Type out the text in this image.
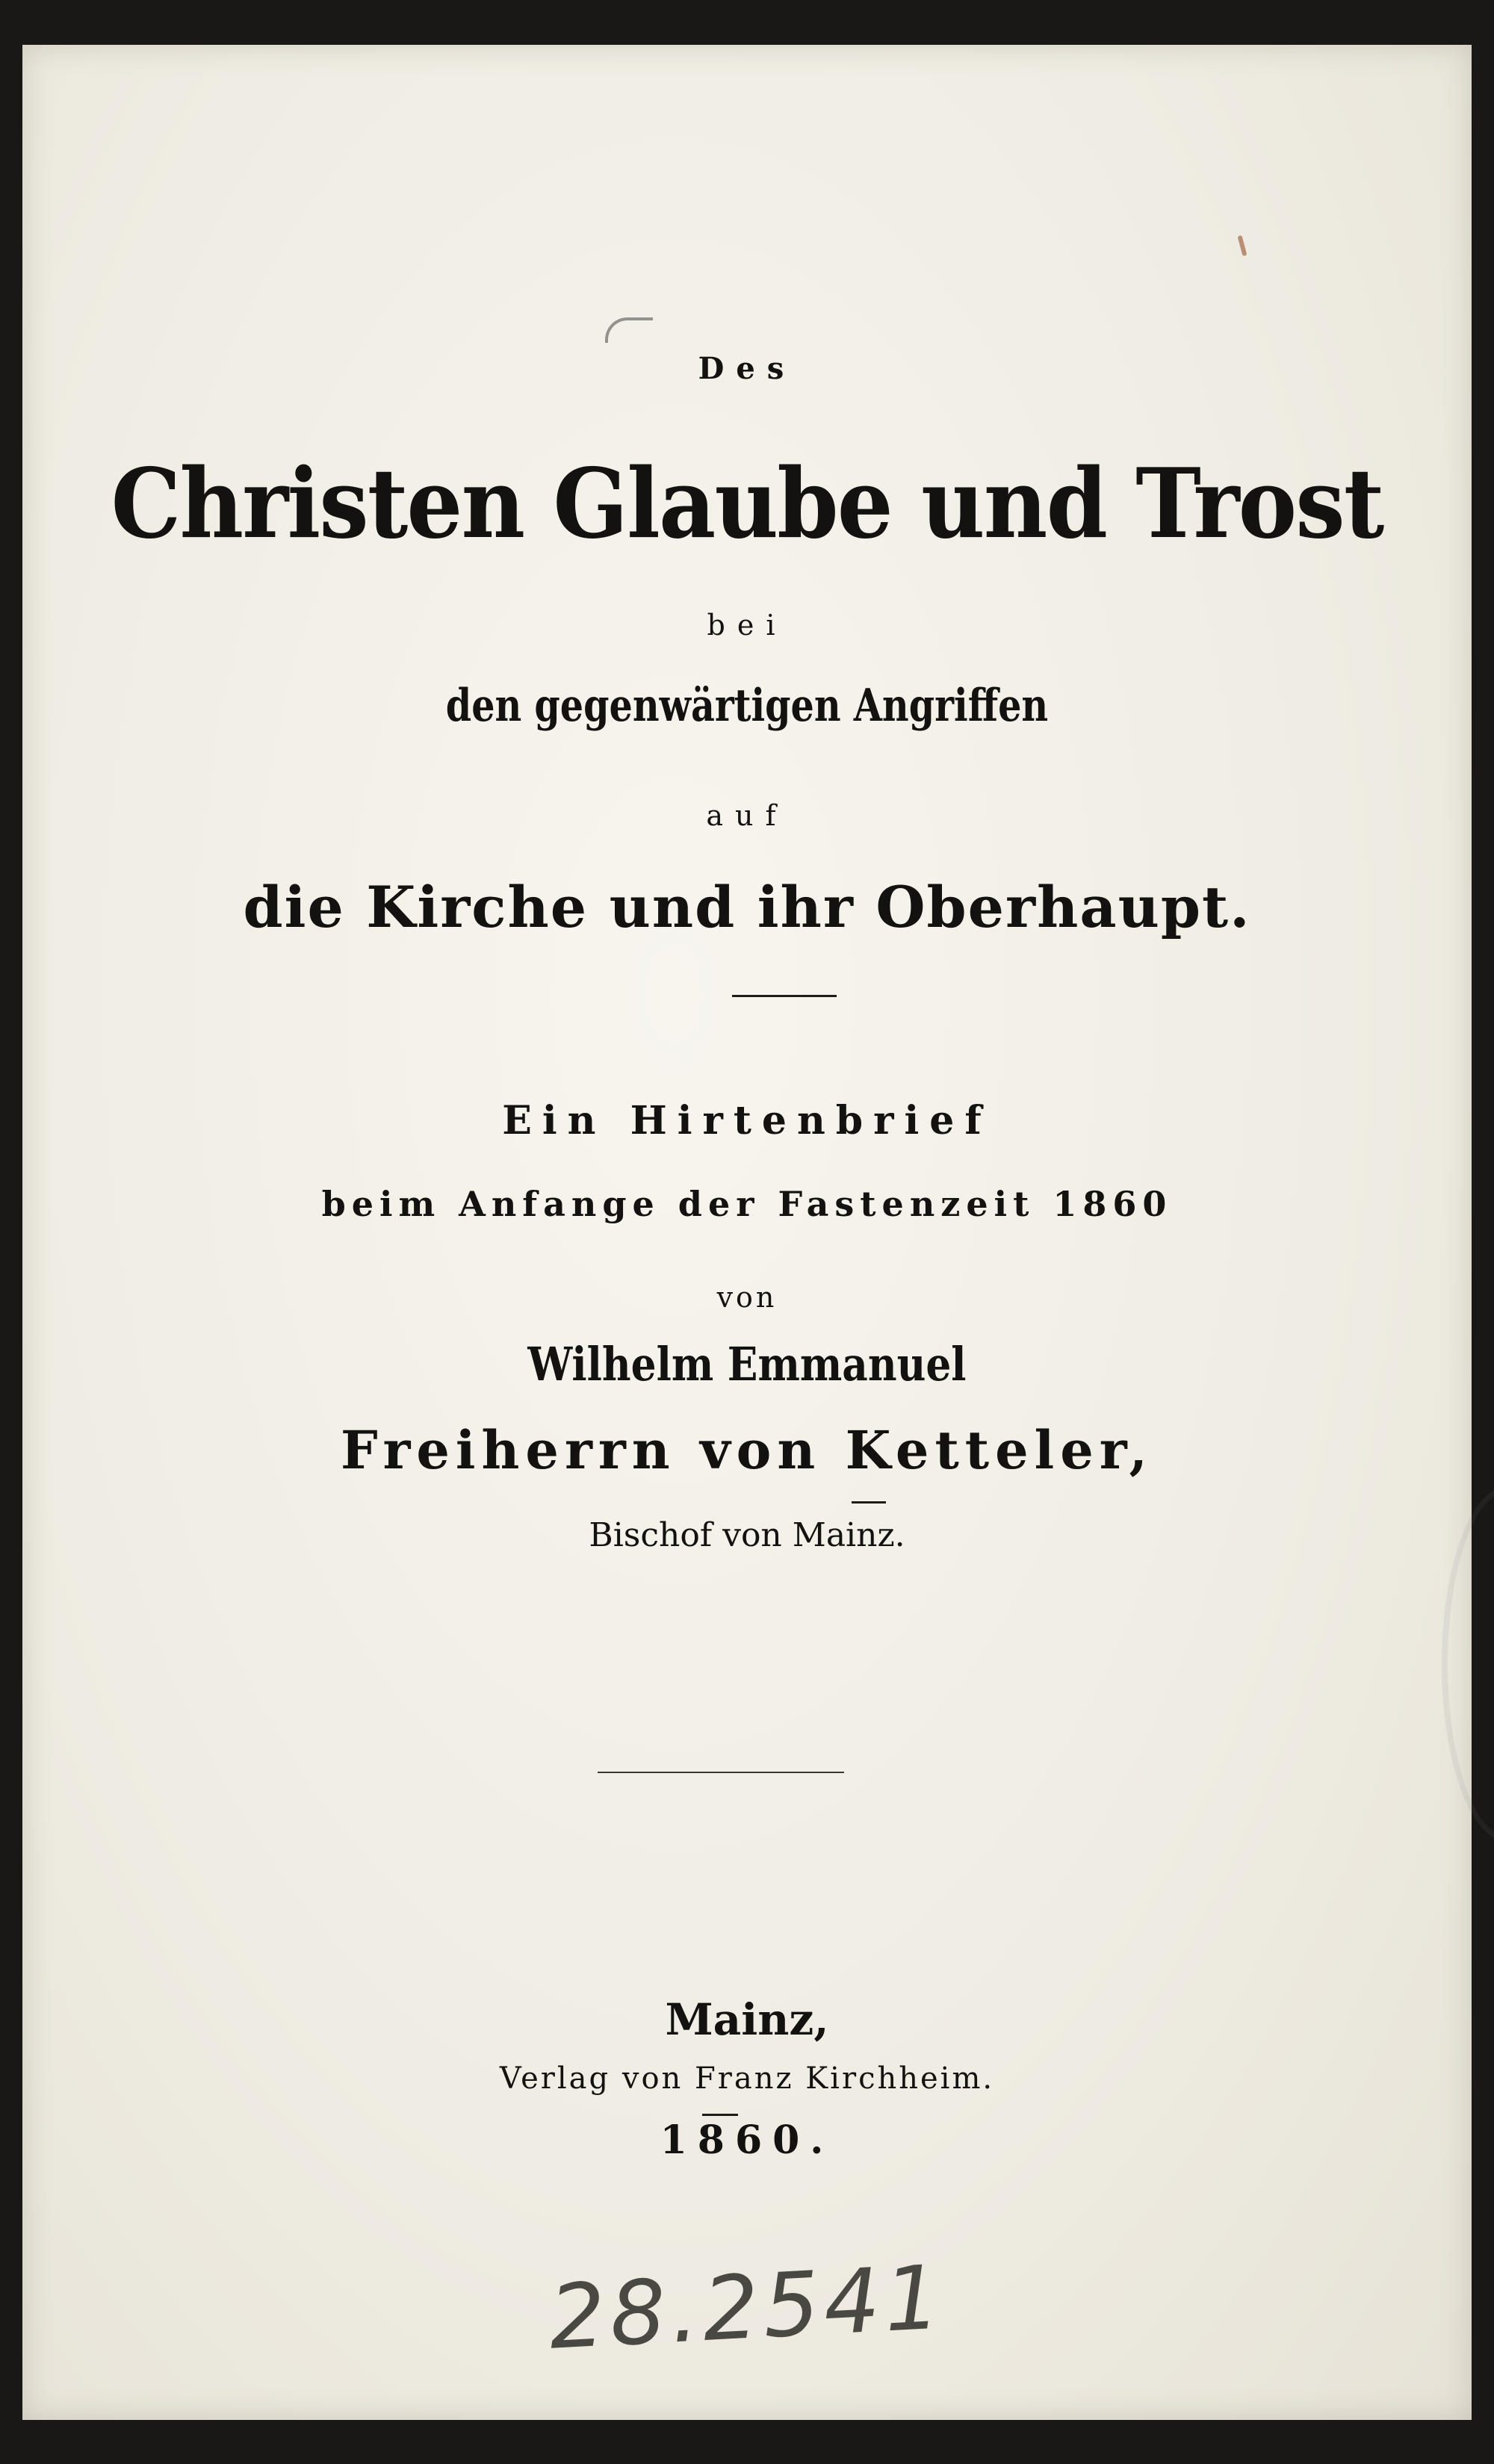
Des
Christen Glaube und Trost
bei
den gegenwärtigen Angriffen
auf
die Kirche und ihr Oberhaupt.
Ein Hirtenbrief
beim Anfange der Fastenzeit 1860
von
Wilhelm Emmanuel
Freiherrn von Ketteler,
Bischof von Mainz.
Mainz,
Verlag von Franz Kirchheim.
1860.
28.2541
